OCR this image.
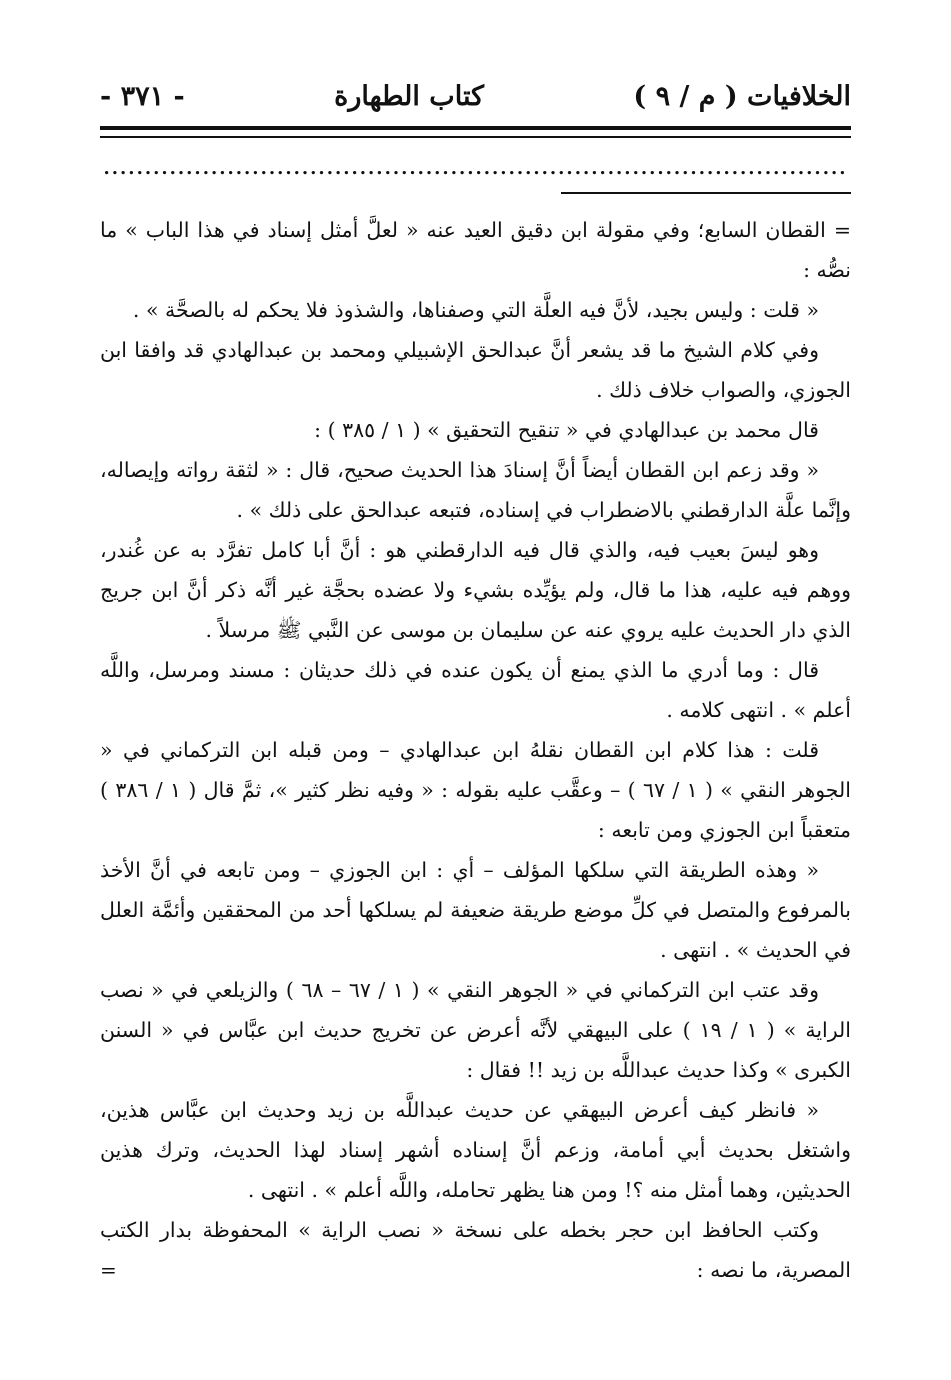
الخلافيات ( م / ٩ )
كتاب الطهارة
- ٣٧١ -
..........................................................................................

= القطان السابع؛ وفي مقولة ابن دقيق العيد عنه « لعلَّ أمثل إسناد في هذا الباب » ما نصُّه :

« قلت : وليس بجيد، لأنَّ فيه العلَّة التي وصفناها، والشذوذ فلا يحكم له بالصحَّة » .

وفي كلام الشيخ ما قد يشعر أنَّ عبدالحق الإشبيلي ومحمد بن عبدالهادي قد وافقا ابن الجوزي، والصواب خلاف ذلك .

قال محمد بن عبدالهادي في « تنقيح التحقيق » ( ١ / ٣٨٥ ) :

« وقد زعم ابن القطان أيضاً أنَّ إسنادَ هذا الحديث صحيح، قال : « لثقة رواته وإيصاله، وإنَّما علَّة الدارقطني بالاضطراب في إسناده، فتبعه عبدالحق على ذلك » .

وهو ليسَ بعيب فيه، والذي قال فيه الدارقطني هو : أنَّ أبا كامل تفرَّد به عن غُندر، ووهم فيه عليه، هذا ما قال، ولم يؤيِّده بشيء ولا عضده بحجَّة غير أنَّه ذكر أنَّ ابن جريج الذي دار الحديث عليه يروي عنه عن سليمان بن موسى عن النَّبي ﷺ مرسلاً .

قال : وما أدري ما الذي يمنع أن يكون عنده في ذلك حديثان : مسند ومرسل، واللَّه أعلم » . انتهى كلامه .

قلت : هذا كلام ابن القطان نقلهُ ابن عبدالهادي – ومن قبله ابن التركماني في « الجوهر النقي » ( ١ / ٦٧ ) – وعقَّب عليه بقوله : « وفيه نظر كثير »، ثمَّ قال ( ١ / ٣٨٦ ) متعقباً ابن الجوزي ومن تابعه :

« وهذه الطريقة التي سلكها المؤلف – أي : ابن الجوزي – ومن تابعه في أنَّ الأخذ بالمرفوع والمتصل في كلِّ موضع طريقة ضعيفة لم يسلكها أحد من المحققين وأئمَّة العلل في الحديث » . انتهى .

وقد عتب ابن التركماني في « الجوهر النقي » ( ١ / ٦٧ – ٦٨ ) والزيلعي في « نصب الراية » ( ١ / ١٩ ) على البيهقي لأنَّه أعرض عن تخريج حديث ابن عبَّاس في « السنن الكبرى » وكذا حديث عبداللَّه بن زيد !! فقال :

« فانظر كيف أعرض البيهقي عن حديث عبداللَّه بن زيد وحديث ابن عبَّاس هذين، واشتغل بحديث أبي أمامة، وزعم أنَّ إسناده أشهر إسناد لهذا الحديث، وترك هذين الحديثين، وهما أمثل منه ؟! ومن هنا يظهر تحامله، واللَّه أعلم » . انتهى .

وكتب الحافظ ابن حجر بخطه على نسخة « نصب الراية » المحفوظة بدار الكتب المصرية، ما نصه :

=
